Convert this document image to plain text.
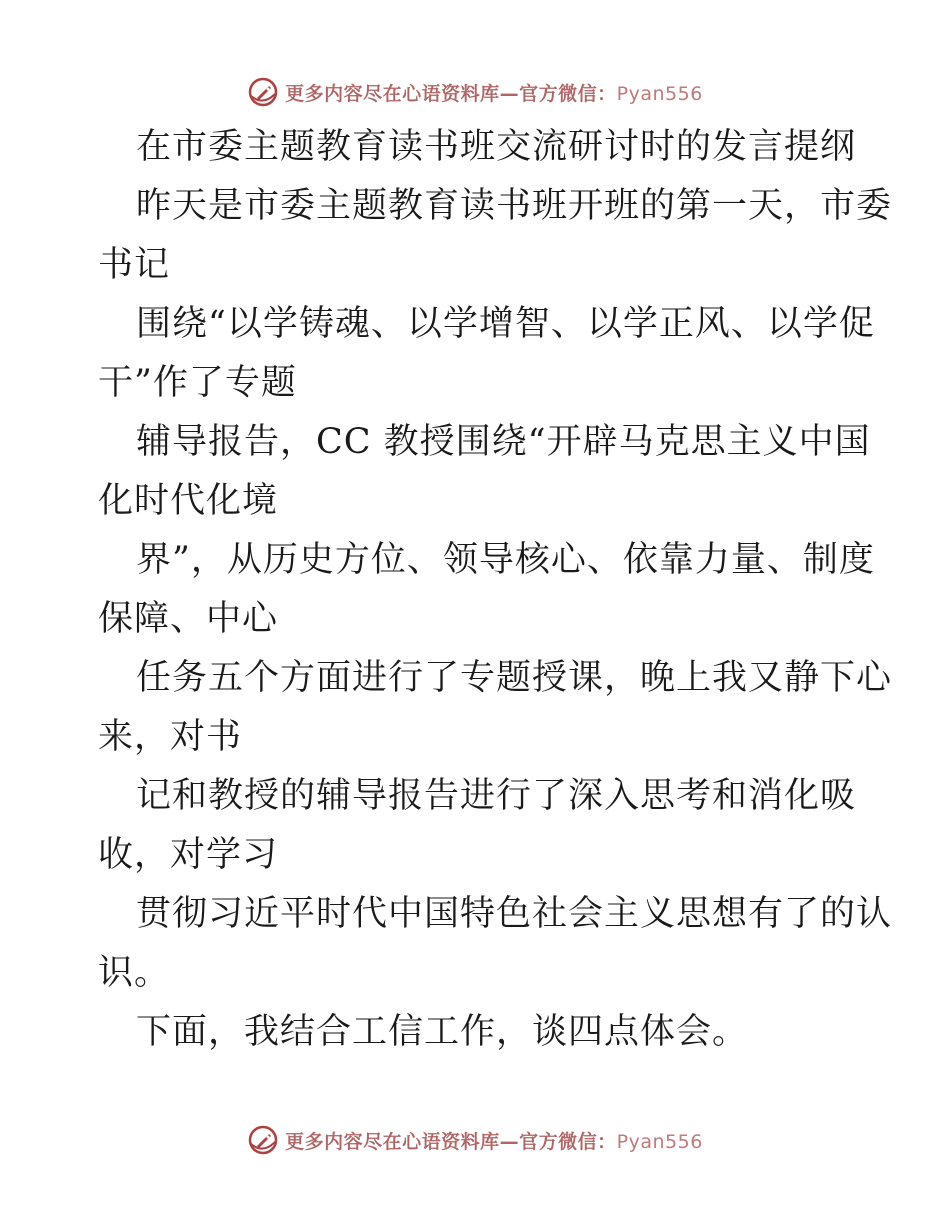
更多内容尽在心语资料库—官方微信：Pyan556
在市委主题教育读书班交流研讨时的发言提纲
昨天是市委主题教育读书班开班的第一天，市委
书记
围绕“以学铸魂、以学增智、以学正风、以学促
干”作了专题
辅导报告，CC 教授围绕“开辟马克思主义中国
化时代化境
界”，从历史方位、领导核心、依靠力量、制度
保障、中心
任务五个方面进行了专题授课，晚上我又静下心
来，对书
记和教授的辅导报告进行了深入思考和消化吸
收，对学习
贯彻习近平时代中国特色社会主义思想有了的认
识。
下面，我结合工信工作，谈四点体会。
更多内容尽在心语资料库—官方微信：Pyan556
